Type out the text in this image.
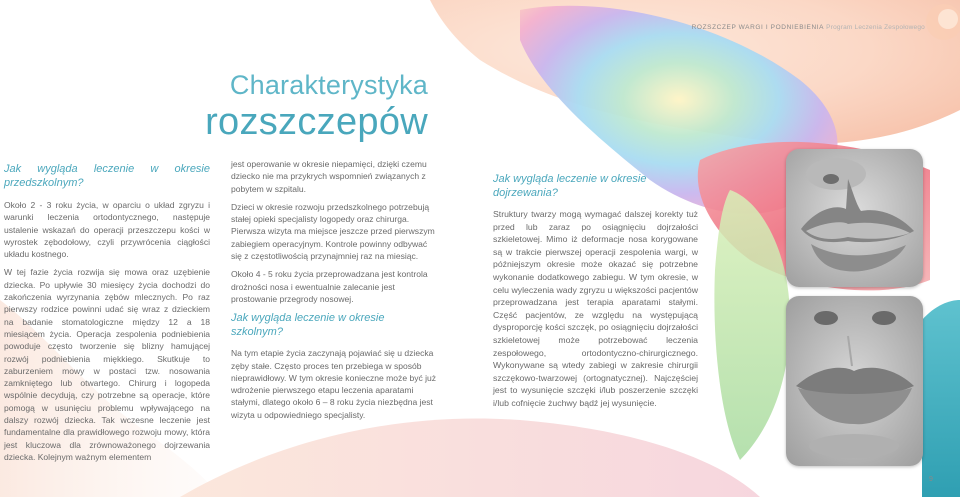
ROZSZCZEP WARGI I PODNIEBIENIA Program Leczenia Zespołowego
Charakterystyka
rozszczepów
Jak wygląda leczenie w okresie przedszkolnym?

Około 2 - 3 roku życia, w oparciu o układ zgryzu i warunki leczenia ortodontycznego, następuje ustalenie wskazań do operacji przeszczepu kości w wyrostek zębodołowy, czyli przywrócenia ciągłości układu kostnego.

W tej fazie życia rozwija się mowa oraz uzębienie dziecka. Po upływie 30 miesięcy życia dochodzi do zakończenia wyrzynania zębów mlecznych. Po raz pierwszy rodzice powinni udać się wraz z dzieckiem na badanie stomatologiczne między 12 a 18 miesiącem życia. Operacja zespolenia podniebienia powoduje często tworzenie się blizny hamującej rozwój podniebienia miękkiego. Skutkuje to zaburzeniem mowy w postaci tzw. nosowania zamkniętego lub otwartego. Chirurg i logopeda wspólnie decydują, czy potrzebne są operacje, które pomogą w usunięciu problemu wpływającego na dalszy rozwój dziecka. Tak wczesne leczenie jest fundamentalne dla prawidłowego rozwoju mowy, która jest kluczowa dla zrównoważonego dojrzewania dziecka. Kolejnym ważnym elementem

jest operowanie w okresie niepamięci, dzięki czemu dziecko nie ma przykrych wspomnień związanych z pobytem w szpitalu.

Dzieci w okresie rozwoju przedszkolnego potrzebują stałej opieki specjalisty logopedy oraz chirurga. Pierwsza wizyta ma miejsce jeszcze przed pierwszym zabiegiem operacyjnym. Kontrole powinny odbywać się z częstotliwością przynajmniej raz na miesiąc.

Około 4 - 5 roku życia przeprowadzana jest kontrola drożności nosa i ewentualnie zalecanie jest prostowanie przegrody nosowej.

Jak wygląda leczenie w okresie szkolnym?

Na tym etapie życia zaczynają pojawiać się u dziecka zęby stałe. Często proces ten przebiega w sposób nieprawidłowy. W tym okresie konieczne może być już wdrożenie pierwszego etapu leczenia aparatami stałymi, dlatego około 6 – 8 roku życia niezbędna jest wizyta u odpowiedniego specjalisty.

Jak wygląda leczenie w okresie dojrzewania?

Struktury twarzy mogą wymagać dalszej korekty tuż przed lub zaraz po osiągnięciu dojrzałości szkieletowej. Mimo iż deformacje nosa korygowane są w trakcie pierwszej operacji zespolenia wargi, w późniejszym okresie może okazać się potrzebne wykonanie dodatkowego zabiegu. W tym okresie, w celu wyleczenia wady zgryzu u większości pacjentów przeprowadzana jest terapia aparatami stałymi. Część pacjentów, ze względu na występującą dysproporcję kości szczęk, po osiągnięciu dojrzałości szkieletowej może potrzebować leczenia zespołowego, ortodontyczno-chirurgicznego. Wykonywane są wtedy zabiegi w zakresie chirurgii szczękowo-twarzowej (ortognatycznej). Najczęściej jest to wysunięcie szczęki i/lub poszerzenie szczęki i/lub cofnięcie żuchwy bądź jej wysunięcie.

9
